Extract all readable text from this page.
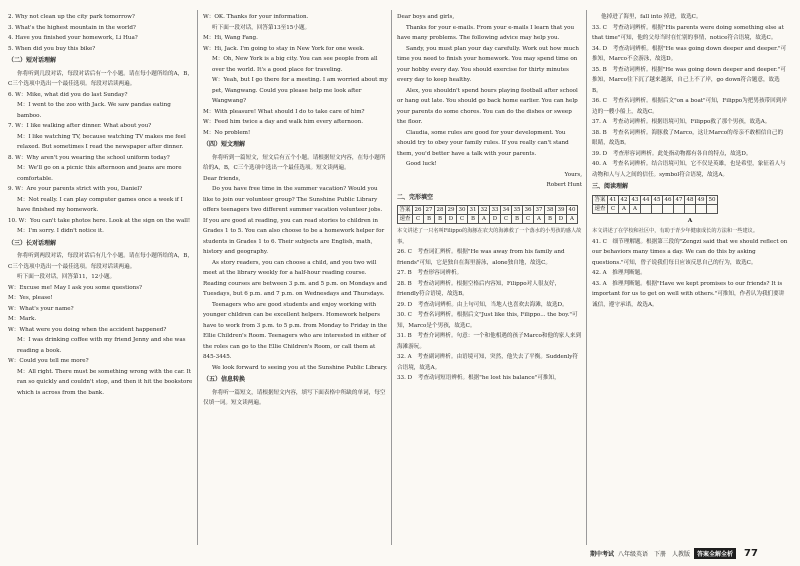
2. Why not clean up the city park tomorrow?

3. What's the highest mountain in the world?

4. Have you finished your homework, Li Hua?

5. When did you buy this bike?

（二）短对话理解

你将听到几段对话，每段对话后有一个小题。请在每小题所给的A，B，C三个选项中选出一个最佳选项。每段对话读两遍。

6. W：Mike, what did you do last Sunday?

M：I went to the zoo with Jack. We saw pandas eating bamboo.

7. W：I like walking after dinner. What about you?

M：I like watching TV, because watching TV makes me feel relaxed. But sometimes I read the newspaper after dinner.

8. W：Why aren't you wearing the school uniform today?

M：We'll go on a picnic this afternoon and jeans are more comfortable.

9. W：Are your parents strict with you, Daniel?

M：Not really. I can play computer games once a week if I have finished my homework.

10. W：You can't take photos here. Look at the sign on the wall!

M：I'm sorry. I didn't notice it.

（三）长对话理解

你将听到两段对话，每段对话后有几个小题。请在每小题所给的A，B，C三个选项中选出一个最佳选项。每段对话读两遍。

听下面一段对话，回答第11，12小题。

W：Excuse me! May I ask you some questions?

M：Yes, please!

W：What's your name?

M：Mark.

W：What were you doing when the accident happened?

M：I was drinking coffee with my friend Jenny and she was reading a book.

W：Could you tell me more?

M：All right. There must be something wrong with the car. It ran so quickly and couldn't stop, and then it hit the bookstore which is across from the bank.

W：OK. Thanks for your information.

听下面一段对话，回答第13至15小题。

M：Hi, Wang Fang.

W：Hi, Jack. I'm going to stay in New York for one week.

M：Oh, New York is a big city. You can see people from all over the world. It's a good place for traveling.

W：Yeah, but I go there for a meeting. I am worried about my pet, Wangwang. Could you please help me look after Wangwang?

M：With pleasure! What should I do to take care of him?

W：Feed him twice a day and walk him every afternoon.

M：No problem!

（四）短文理解

你将听到一篇短文，短文后有五个小题。请根据短文内容，在每小题所给的A，B，C三个选项中选出一个最佳选项。短文读两遍。

Dear friends,

Do you have free time in the summer vacation? Would you like to join our volunteer group? The Sunshine Public Library offers teenagers two different summer vacation volunteer jobs. If you are good at reading, you can read stories to children in Grades 1 to 5. You can also choose to be a homework helper for students in Grades 1 to 6. Their subjects are English, math, history and geography.

As story readers, you can choose a child, and you two will meet at the library weekly for a half-hour reading course. Reading courses are between 3 p.m. and 5 p.m. on Mondays and Tuesdays, but 6 p.m. and 7 p.m. on Wednesdays and Thursdays.

Teenagers who are good students and enjoy working with younger children can be excellent helpers. Homework helpers have to work from 3 p.m. to 5 p.m. from Monday to Friday in the Ellie Children's Room. Teenagers who are interested in either of the roles can go to the Ellie Children's Room, or call them at 845-3445.

We look forward to seeing you at the Sunshine Public Library.

（五）信息转换

你将听一篇短文，请根据短文内容，填写下面表格中所缺的单词，每空仅填一词。短文读两遍。

Dear boys and girls,

Thanks for your e-mails. From your e-mails I learn that you have many problems. The following advice may help you.

Sandy, you must plan your day carefully. Work out how much time you need to finish your homework. You may spend time on your hobby every day. You should exercise for thirty minutes every day to keep healthy.

Alex, you shouldn't spend hours playing football after school or hang out late. You should go back home earlier. You can help your parents do some chores. You can do the dishes or sweep the floor.

Claudia, some rules are good for your development. You should try to obey your family rules. If you really can't stand them, you'd better have a talk with your parents.

Good luck!

Yours,

Robert Hunt

二、完形填空

答案	26	27	28	29	30	31	32	33	34	35	36	37	38	39	40
速查	C	B	B	D	C	B	A	D	C	B	C	A	B	D	A

本文讲述了一只名叫Filippo的海豚在农夫的海滩救了一个落水的小男孩的感人故事。

26. C　考查词汇辨析。根据"He was away from his family and friends"可知，它是独自在海里游泳，alone独自地，故选C。

27. B　考查形容词辨析。

28. B　考查动词辨析。根据空格后内容知，Filippo对人很友好，friendly符合语境，故选B。

29. D　考查动词辨析。由上句可知，当地人也喜欢去海滩，故选D。

30. C　考查名词辨析。根据后文"Just like this, Filippo... the boy."可知，Marco是个男孩，故选C。

31. B　考查介词辨析。句意：一个和他相遇的孩子Marco和他的家人来到海滩游玩。

32. A　考查副词辨析。由语境可知，突然，他失去了平衡。Suddenly符合语境，故选A。

33. D　考查动词短语辨析。根据"he lost his balance"可推知，

他掉进了海里，fall into 掉进，故选C。

33. C　考查动词辨析。根据"His parents were doing something else at that time"可知，他的父母当时在忙别的事情，notice符合语境，故选C。

34. D　考查动词辨析。根据"He was going down deeper and deeper."可推知，Marco不会游泳，故选D。

35. B　考查动词辨析。根据"He was going down deeper and deeper."可推知，Marco往下沉了越来越深，自己上不了岸，go down符合题意，故选B。

36. C　考查名词辨析。根据后文"on a boat"可知，Filippo为把男孩带回到岸边的一艘小船上，故选C。

37. A　考查动词辨析。根据语境可知，Filippo救了那个男孩，故选A。

38. B　考查名词辨析。海豚救了Marco，这让Marco的母亲不敢相信自己的眼睛，故选B。

39. D　考查形容词辨析。此处指动物都有各自的特点，故选D。

40. A　考查名词辨析。结合语境可知，它不仅是英雄，也是希望，象征着人与动物和人与人之间的信任。symbol符合语境，故选A。

三、阅读理解

答案	41	42	43	44	45	46	47	48	49	50
速查	C	A	A							

A

本文讲述了在学校和社区中，有助于青少年健康成长的方法和一些建议。

41. C　细节理解题。根据第三段的"Zengzi said that we should reflect on our behaviors many times a day. We can do this by asking questions."可知，曾子说我们每日应该反思自己的行为，故选C。

42. A　推理判断题。

43. A　推理判断题。根据"Have we kept promises to our friends? It is important for us to get on well with others."可推知，作者认为我们要讲诚信，遵守承诺，故选A。

期中考试 八年级英语　下册　人教版	答案全解全析	77
